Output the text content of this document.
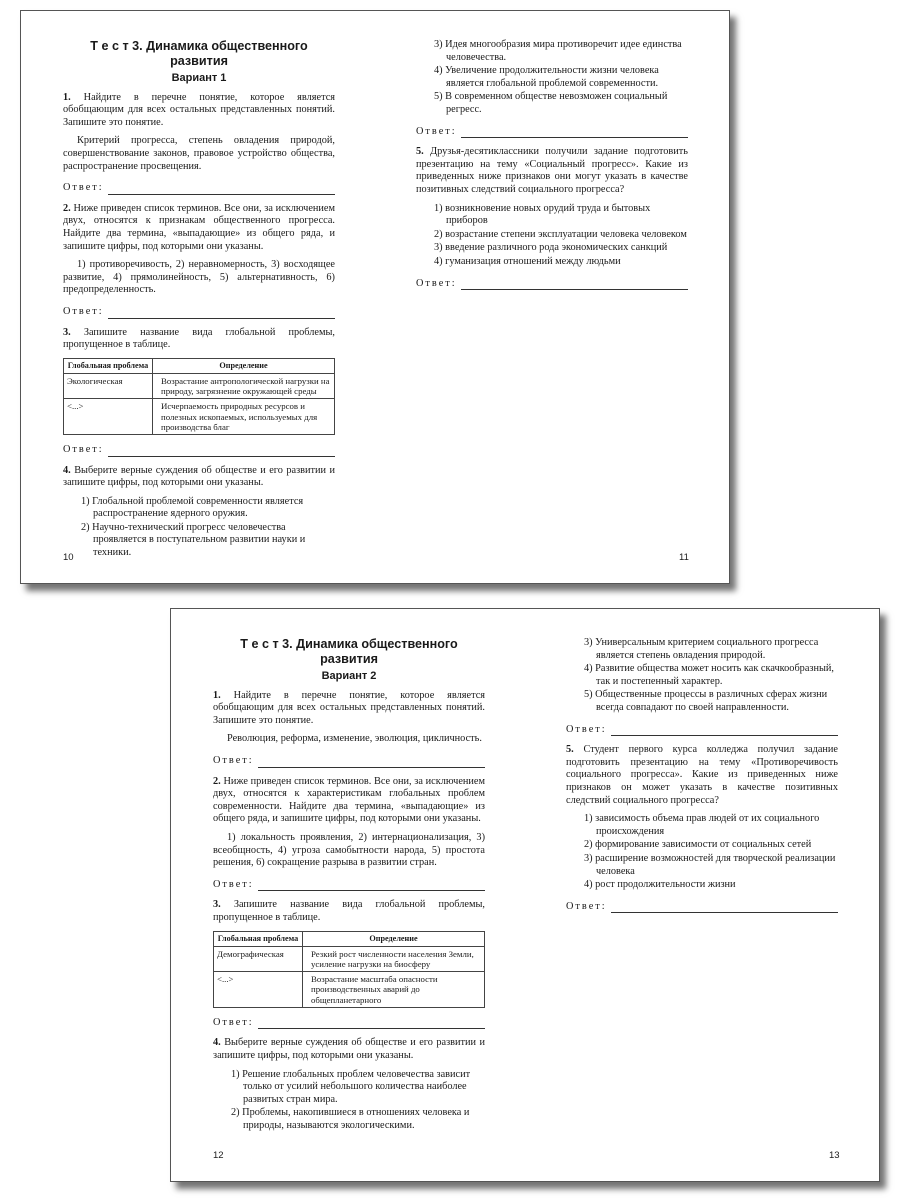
Т е с т 3. Динамика общественного развития
Вариант 1

1. Найдите в перечне понятие, которое является обобщающим для всех остальных представленных понятий. Запишите это понятие.

Критерий прогресса, степень овладения природой, совершенствование законов, правовое устройство общества, распространение просвещения.

Ответ:

2. Ниже приведен список терминов. Все они, за исключением двух, относятся к признакам общественного прогресса. Найдите два термина, «выпадающие» из общего ряда, и запишите цифры, под которыми они указаны.

1) противоречивость, 2) неравномерность, 3) восходящее развитие, 4) прямолинейность, 5) альтернативность, 6) предопределенность.

Ответ:

3. Запишите название вида глобальной проблемы, пропущенное в таблице.

Глобальная проблема	Определение
Экологическая	Возрастание антропологической нагрузки на природу, загрязнение окружающей среды
<...>	Исчерпаемость природных ресурсов и полезных ископаемых, используемых для производства благ
Ответ:

4. Выберите верные суждения об обществе и его развитии и запишите цифры, под которыми они указаны.

1) Глобальной проблемой современности является распространение ядерного оружия.
2) Научно-технический прогресс человечества проявляется в поступательном развитии науки и техники.
10
3) Идея многообразия мира противоречит идее единства человечества.
4) Увеличение продолжительности жизни человека является глобальной проблемой современности.
5) В современном обществе невозможен социальный регресс.
Ответ:

5. Друзья-десятиклассники получили задание подготовить презентацию на тему «Социальный прогресс». Какие из приведенных ниже признаков они могут указать в качестве позитивных следствий социального прогресса?

1) возникновение новых орудий труда и бытовых приборов
2) возрастание степени эксплуатации человека человеком
3) введение различного рода экономических санкций
4) гуманизация отношений между людьми
Ответ:
11
Т е с т 3. Динамика общественного развития
Вариант 2

1. Найдите в перечне понятие, которое является обобщающим для всех остальных представленных понятий. Запишите это понятие.

Революция, реформа, изменение, эволюция, цикличность.

Ответ:

2. Ниже приведен список терминов. Все они, за исключением двух, относятся к характеристикам глобальных проблем современности. Найдите два термина, «выпадающие» из общего ряда, и запишите цифры, под которыми они указаны.

1) локальность проявления, 2) интернационализация, 3) всеобщность, 4) угроза самобытности народа, 5) простота решения, 6) сокращение разрыва в развитии стран.

Ответ:

3. Запишите название вида глобальной проблемы, пропущенное в таблице.

Глобальная проблема	Определение
Демографическая	Резкий рост численности населения Земли, усиление нагрузки на биосферу
<...>	Возрастание масштаба опасности производственных аварий до общепланетарного
Ответ:

4. Выберите верные суждения об обществе и его развитии и запишите цифры, под которыми они указаны.

1) Решение глобальных проблем человечества зависит только от усилий небольшого количества наиболее развитых стран мира.
2) Проблемы, накопившиеся в отношениях человека и природы, называются экологическими.
12
3) Универсальным критерием социального прогресса является степень овладения природой.
4) Развитие общества может носить как скачкообразный, так и постепенный характер.
5) Общественные процессы в различных сферах жизни всегда совпадают по своей направленности.
Ответ:

5. Студент первого курса колледжа получил задание подготовить презентацию на тему «Противоречивость социального прогресса». Какие из приведенных ниже признаков он может указать в качестве позитивных следствий социального прогресса?

1) зависимость объема прав людей от их социального происхождения
2) формирование зависимости от социальных сетей
3) расширение возможностей для творческой реализации человека
4) рост продолжительности жизни
Ответ:
13
